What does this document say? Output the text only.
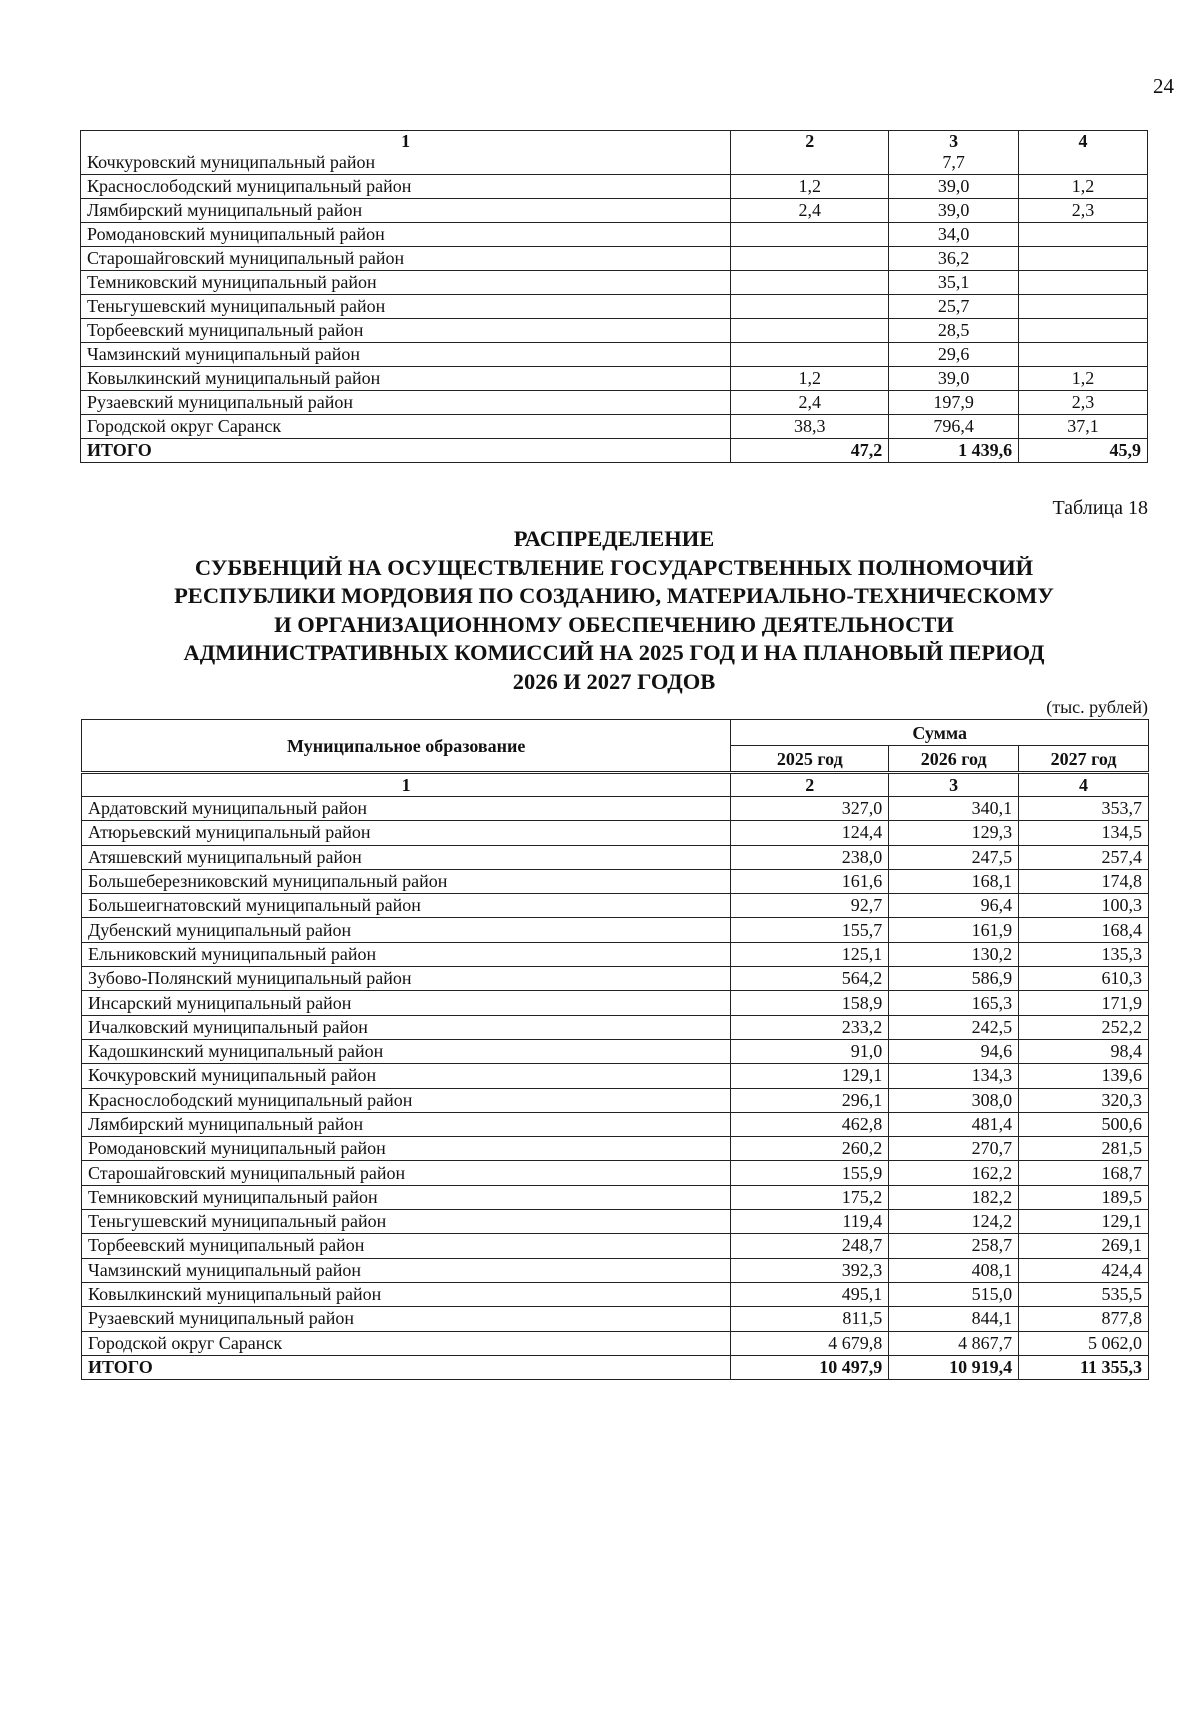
24
1	2	3	4
Кочкуровский муниципальный район		7,7	
Краснослободский муниципальный район	1,2	39,0	1,2
Лямбирский муниципальный район	2,4	39,0	2,3
Ромодановский муниципальный район		34,0	
Старошайговский муниципальный район		36,2	
Темниковский муниципальный район		35,1	
Теньгушевский муниципальный район		25,7	
Торбеевский муниципальный район		28,5	
Чамзинский муниципальный район		29,6	
Ковылкинский муниципальный район	1,2	39,0	1,2
Рузаевский муниципальный район	2,4	197,9	2,3
Городской округ Саранск	38,3	796,4	37,1
ИТОГО	47,2	1 439,6	45,9
Таблица 18
РАСПРЕДЕЛЕНИЕ
СУБВЕНЦИЙ НА ОСУЩЕСТВЛЕНИЕ ГОСУДАРСТВЕННЫХ ПОЛНОМОЧИЙ
РЕСПУБЛИКИ МОРДОВИЯ ПО СОЗДАНИЮ, МАТЕРИАЛЬНО-ТЕХНИЧЕСКОМУ
И ОРГАНИЗАЦИОННОМУ ОБЕСПЕЧЕНИЮ ДЕЯТЕЛЬНОСТИ
АДМИНИСТРАТИВНЫХ КОМИССИЙ НА 2025 ГОД И НА ПЛАНОВЫЙ ПЕРИОД
2026 И 2027 ГОДОВ
(тыс. рублей)
Муниципальное образование	Сумма		
	2025 год	2026 год	2027 год
1	2	3	4
Ардатовский муниципальный район	327,0	340,1	353,7
Атюрьевский муниципальный район	124,4	129,3	134,5
Атяшевский муниципальный район	238,0	247,5	257,4
Большеберезниковский муниципальный район	161,6	168,1	174,8
Большеигнатовский муниципальный район	92,7	96,4	100,3
Дубенский муниципальный район	155,7	161,9	168,4
Ельниковский муниципальный район	125,1	130,2	135,3
Зубово-Полянский муниципальный район	564,2	586,9	610,3
Инсарский муниципальный район	158,9	165,3	171,9
Ичалковский муниципальный район	233,2	242,5	252,2
Кадошкинский муниципальный район	91,0	94,6	98,4
Кочкуровский муниципальный район	129,1	134,3	139,6
Краснослободский муниципальный район	296,1	308,0	320,3
Лямбирский муниципальный район	462,8	481,4	500,6
Ромодановский муниципальный район	260,2	270,7	281,5
Старошайговский муниципальный район	155,9	162,2	168,7
Темниковский муниципальный район	175,2	182,2	189,5
Теньгушевский муниципальный район	119,4	124,2	129,1
Торбеевский муниципальный район	248,7	258,7	269,1
Чамзинский муниципальный район	392,3	408,1	424,4
Ковылкинский муниципальный район	495,1	515,0	535,5
Рузаевский муниципальный район	811,5	844,1	877,8
Городской округ Саранск	4 679,8	4 867,7	5 062,0
ИТОГО	10 497,9	10 919,4	11 355,3
